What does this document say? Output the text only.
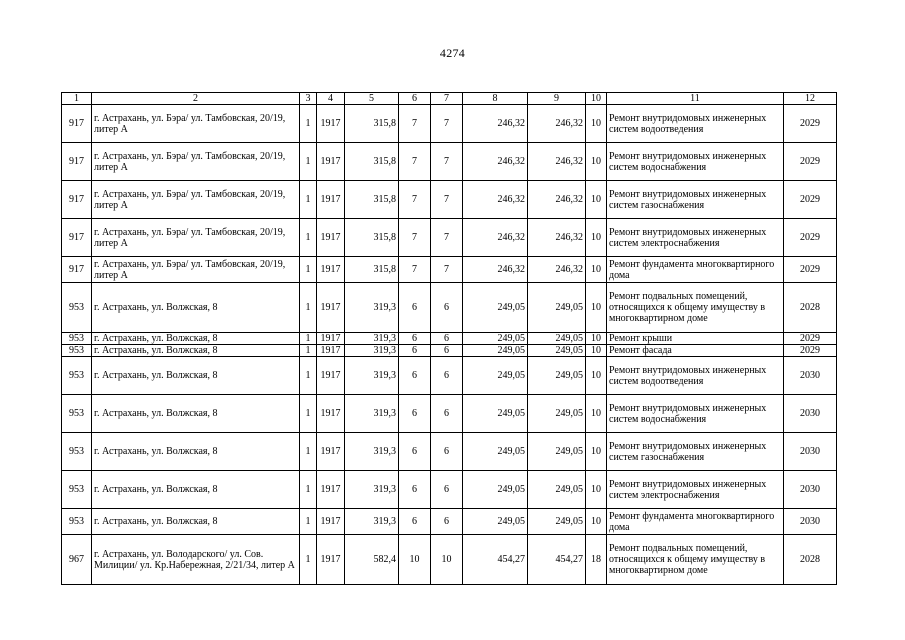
4274
1	2	3	4	5	6	7	8	9	10	11	12
917	г. Астрахань, ул. Бэра/ ул. Тамбовская, 20/19, литер А	1	1917	315,8	7	7	246,32	246,32	10	Ремонт внутридомовых инженерных систем водоотведения	2029
917	г. Астрахань, ул. Бэра/ ул. Тамбовская, 20/19, литер А	1	1917	315,8	7	7	246,32	246,32	10	Ремонт внутридомовых инженерных систем водоснабжения	2029
917	г. Астрахань, ул. Бэра/ ул. Тамбовская, 20/19, литер А	1	1917	315,8	7	7	246,32	246,32	10	Ремонт внутридомовых инженерных систем газоснабжения	2029
917	г. Астрахань, ул. Бэра/ ул. Тамбовская, 20/19, литер А	1	1917	315,8	7	7	246,32	246,32	10	Ремонт внутридомовых инженерных систем электроснабжения	2029
917	г. Астрахань, ул. Бэра/ ул. Тамбовская, 20/19, литер А	1	1917	315,8	7	7	246,32	246,32	10	Ремонт фундамента многоквартирного дома	2029
953	г. Астрахань, ул. Волжская, 8	1	1917	319,3	6	6	249,05	249,05	10	Ремонт подвальных помещений, относящихся к общему имуществу в многоквартирном доме	2028
953	г. Астрахань, ул. Волжская, 8	1	1917	319,3	6	6	249,05	249,05	10	Ремонт крыши	2029
953	г. Астрахань, ул. Волжская, 8	1	1917	319,3	6	6	249,05	249,05	10	Ремонт фасада	2029
953	г. Астрахань, ул. Волжская, 8	1	1917	319,3	6	6	249,05	249,05	10	Ремонт внутридомовых инженерных систем водоотведения	2030
953	г. Астрахань, ул. Волжская, 8	1	1917	319,3	6	6	249,05	249,05	10	Ремонт внутридомовых инженерных систем водоснабжения	2030
953	г. Астрахань, ул. Волжская, 8	1	1917	319,3	6	6	249,05	249,05	10	Ремонт внутридомовых инженерных систем газоснабжения	2030
953	г. Астрахань, ул. Волжская, 8	1	1917	319,3	6	6	249,05	249,05	10	Ремонт внутридомовых инженерных систем электроснабжения	2030
953	г. Астрахань, ул. Волжская, 8	1	1917	319,3	6	6	249,05	249,05	10	Ремонт фундамента многоквартирного дома	2030
967	г. Астрахань, ул. Володарского/ ул. Сов. Милиции/ ул. Кр.Набережная, 2/21/34, литер А	1	1917	582,4	10	10	454,27	454,27	18	Ремонт подвальных помещений, относящихся к общему имуществу в многоквартирном доме	2028
